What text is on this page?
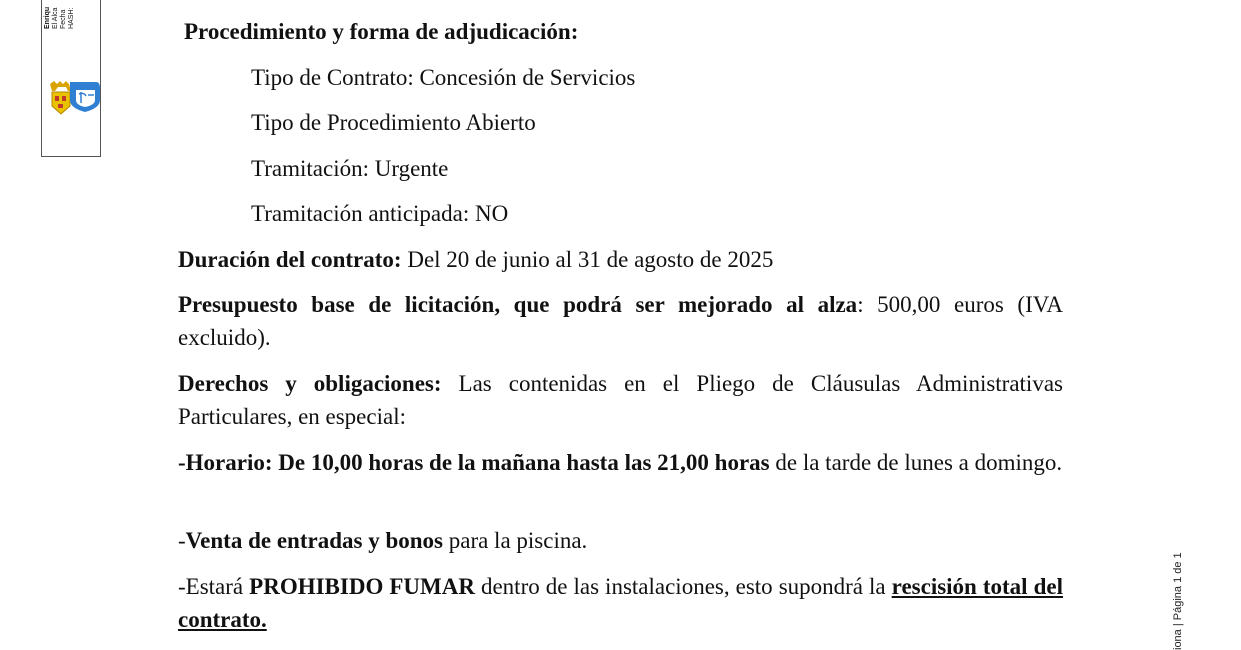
Enriqu El Alca Fecha HASH:
iona | Página 1 de 1
Procedimiento y forma de adjudicación:
Tipo de Contrato: Concesión de Servicios
Tipo de Procedimiento Abierto
Tramitación: Urgente
Tramitación anticipada: NO
Duración del contrato: Del 20 de junio al 31 de agosto de 2025
Presupuesto base de licitación, que podrá ser mejorado al alza: 500,00 euros (IVA excluido).
Derechos y obligaciones: Las contenidas en el Pliego de Cláusulas Administrativas Particulares, en especial:
-Horario: De 10,00 horas de la mañana hasta las 21,00 horas de la tarde de lunes a domingo.
-Venta de entradas y bonos para la piscina.
-Estará PROHIBIDO FUMAR dentro de las instalaciones, esto supondrá la rescisión total del contrato.
